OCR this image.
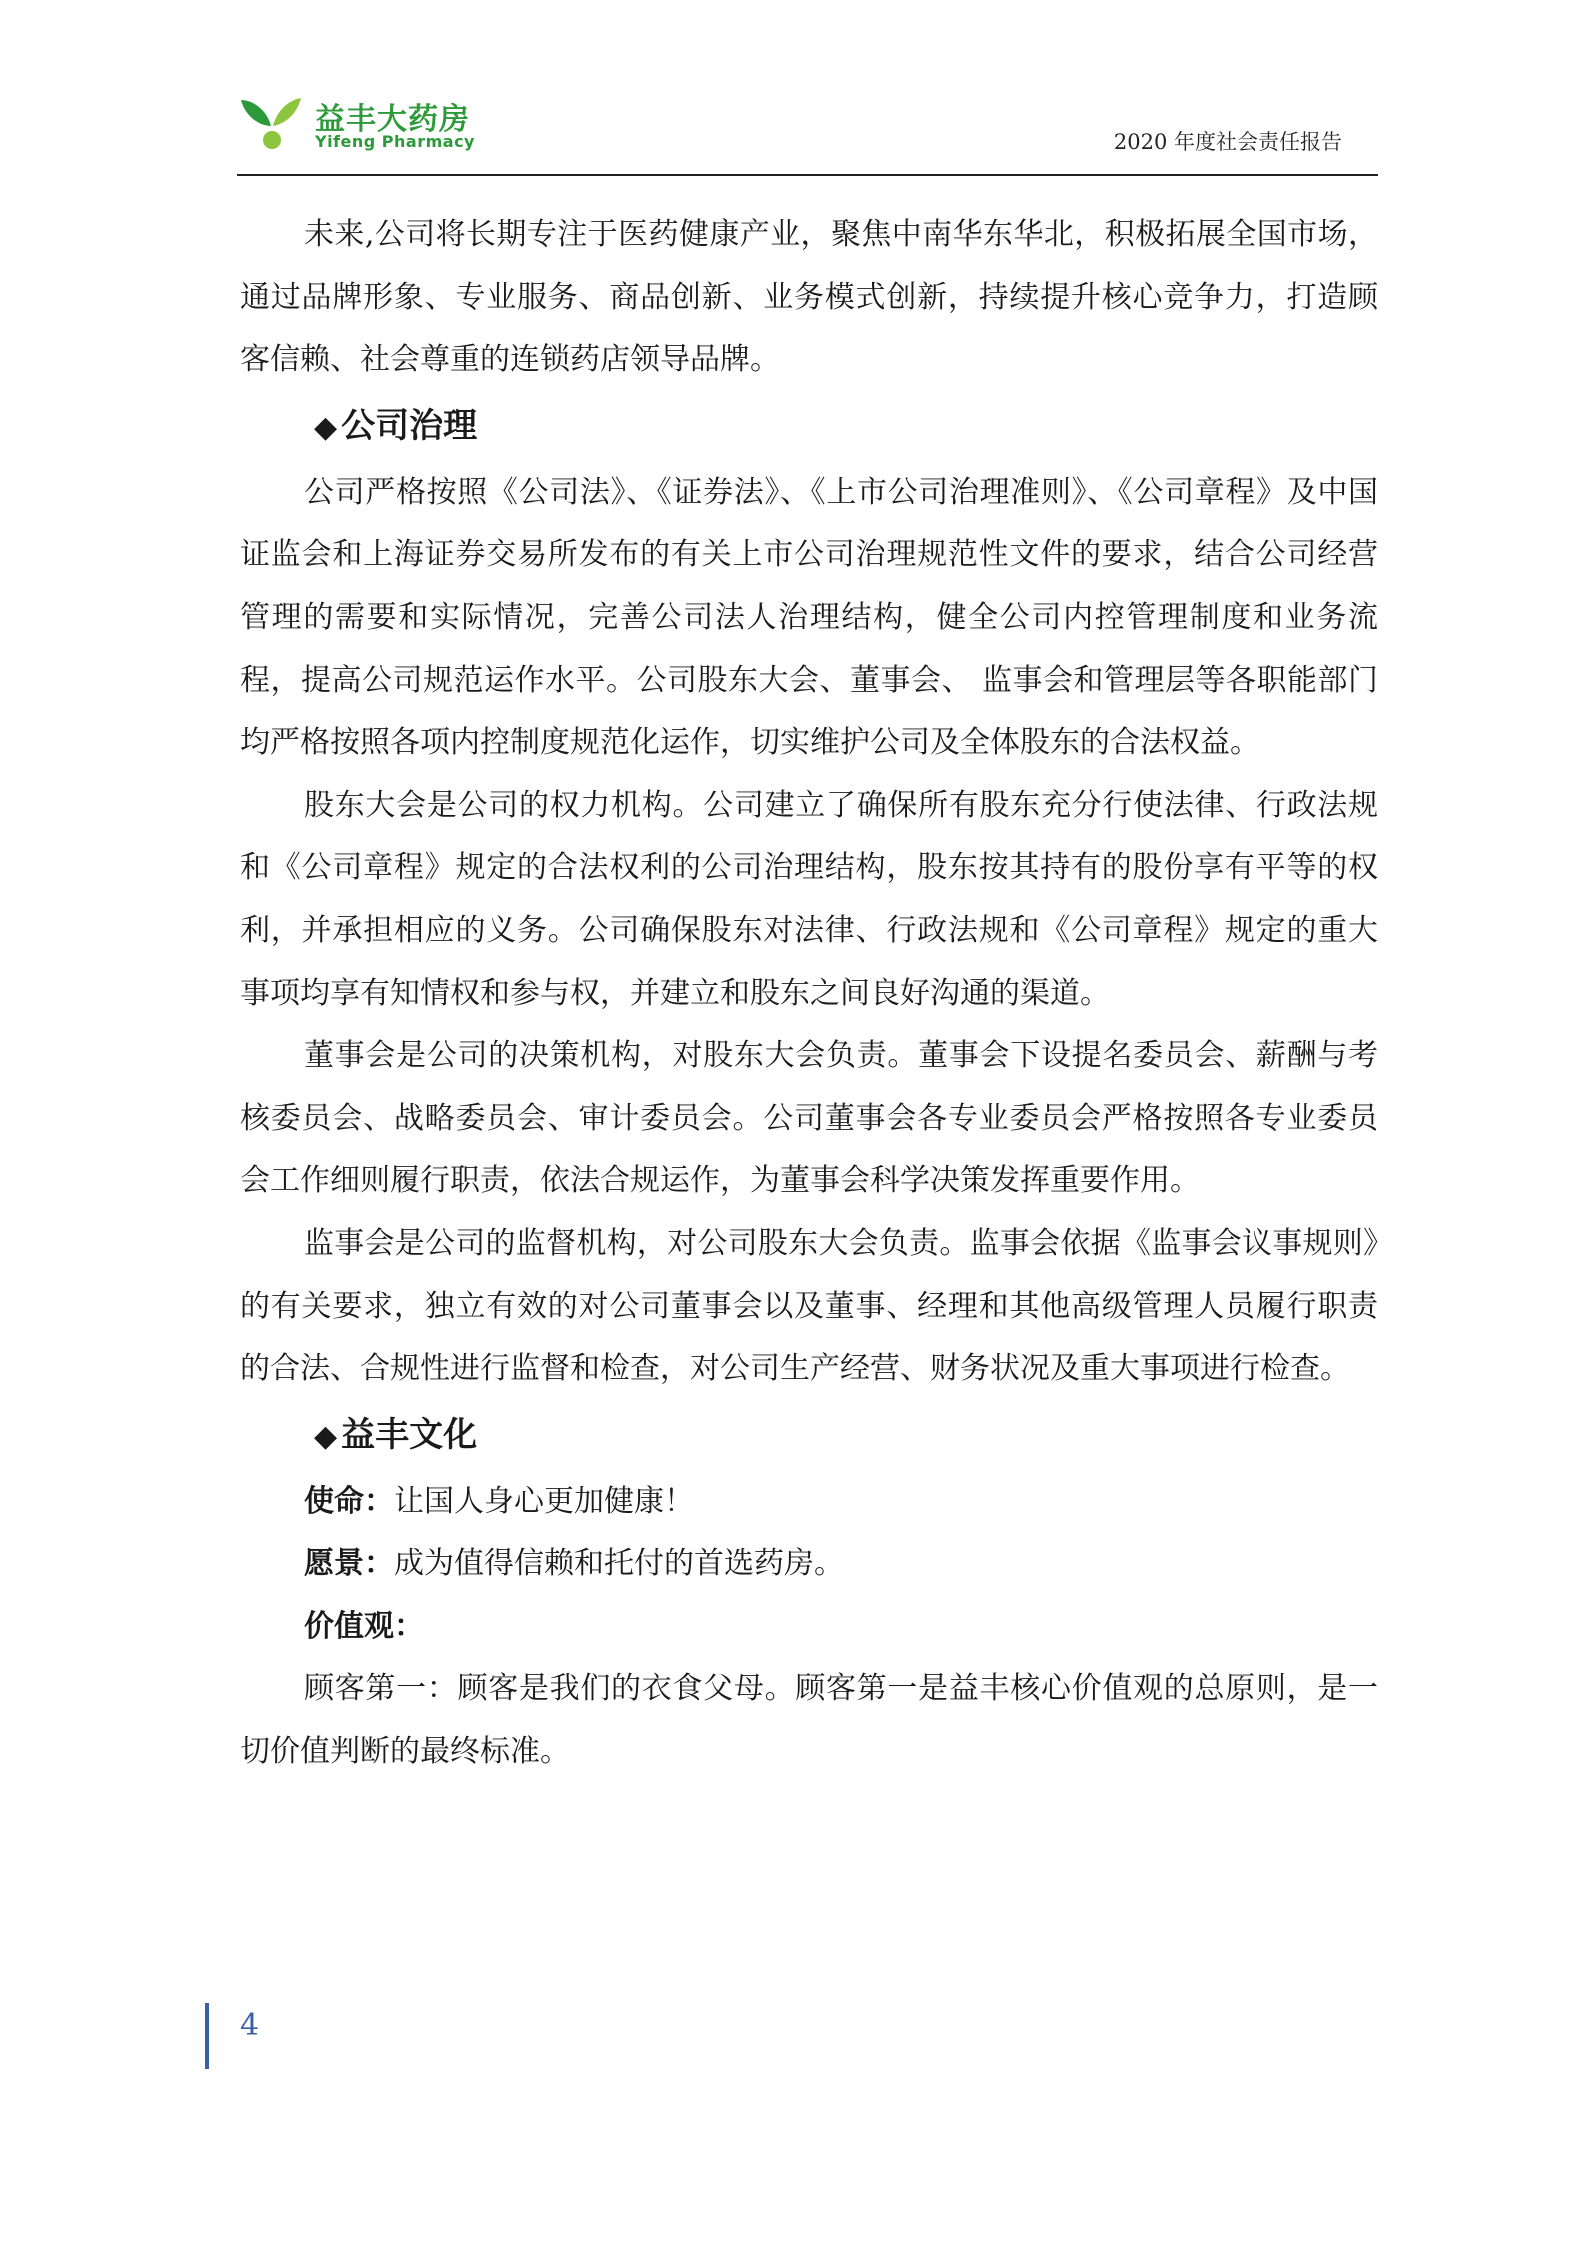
益丰大药房
Yifeng Pharmacy	2020 年度社会责任报告

未来,公司将长期专注于医药健康产业，聚焦中南华东华北，积极拓展全国市场，通过品牌形象、专业服务、商品创新、业务模式创新，持续提升核心竞争力，打造顾客信赖、社会尊重的连锁药店领导品牌。

◆ 公司治理

公司严格按照《公司法》、《证券法》、《上市公司治理准则》、《公司章程》及中国证监会和上海证券交易所发布的有关上市公司治理规范性文件的要求，结合公司经营管理的需要和实际情况，完善公司法人治理结构，健全公司内控管理制度和业务流程，提高公司规范运作水平。公司股东大会、董事会、 监事会和管理层等各职能部门均严格按照各项内控制度规范化运作，切实维护公司及全体股东的合法权益。

股东大会是公司的权力机构。公司建立了确保所有股东充分行使法律、行政法规和《公司章程》规定的合法权利的公司治理结构，股东按其持有的股份享有平等的权利，并承担相应的义务。公司确保股东对法律、行政法规和《公司章程》规定的重大事项均享有知情权和参与权，并建立和股东之间良好沟通的渠道。

董事会是公司的决策机构，对股东大会负责。董事会下设提名委员会、薪酬与考核委员会、战略委员会、审计委员会。公司董事会各专业委员会严格按照各专业委员会工作细则履行职责，依法合规运作，为董事会科学决策发挥重要作用。

监事会是公司的监督机构，对公司股东大会负责。监事会依据《监事会议事规则》的有关要求，独立有效的对公司董事会以及董事、经理和其他高级管理人员履行职责的合法、合规性进行监督和检查，对公司生产经营、财务状况及重大事项进行检查。

◆ 益丰文化

使命：让国人身心更加健康！

愿景：成为值得信赖和托付的首选药房。

价值观：

顾客第一：顾客是我们的衣食父母。顾客第一是益丰核心价值观的总原则，是一切价值判断的最终标准。

4
